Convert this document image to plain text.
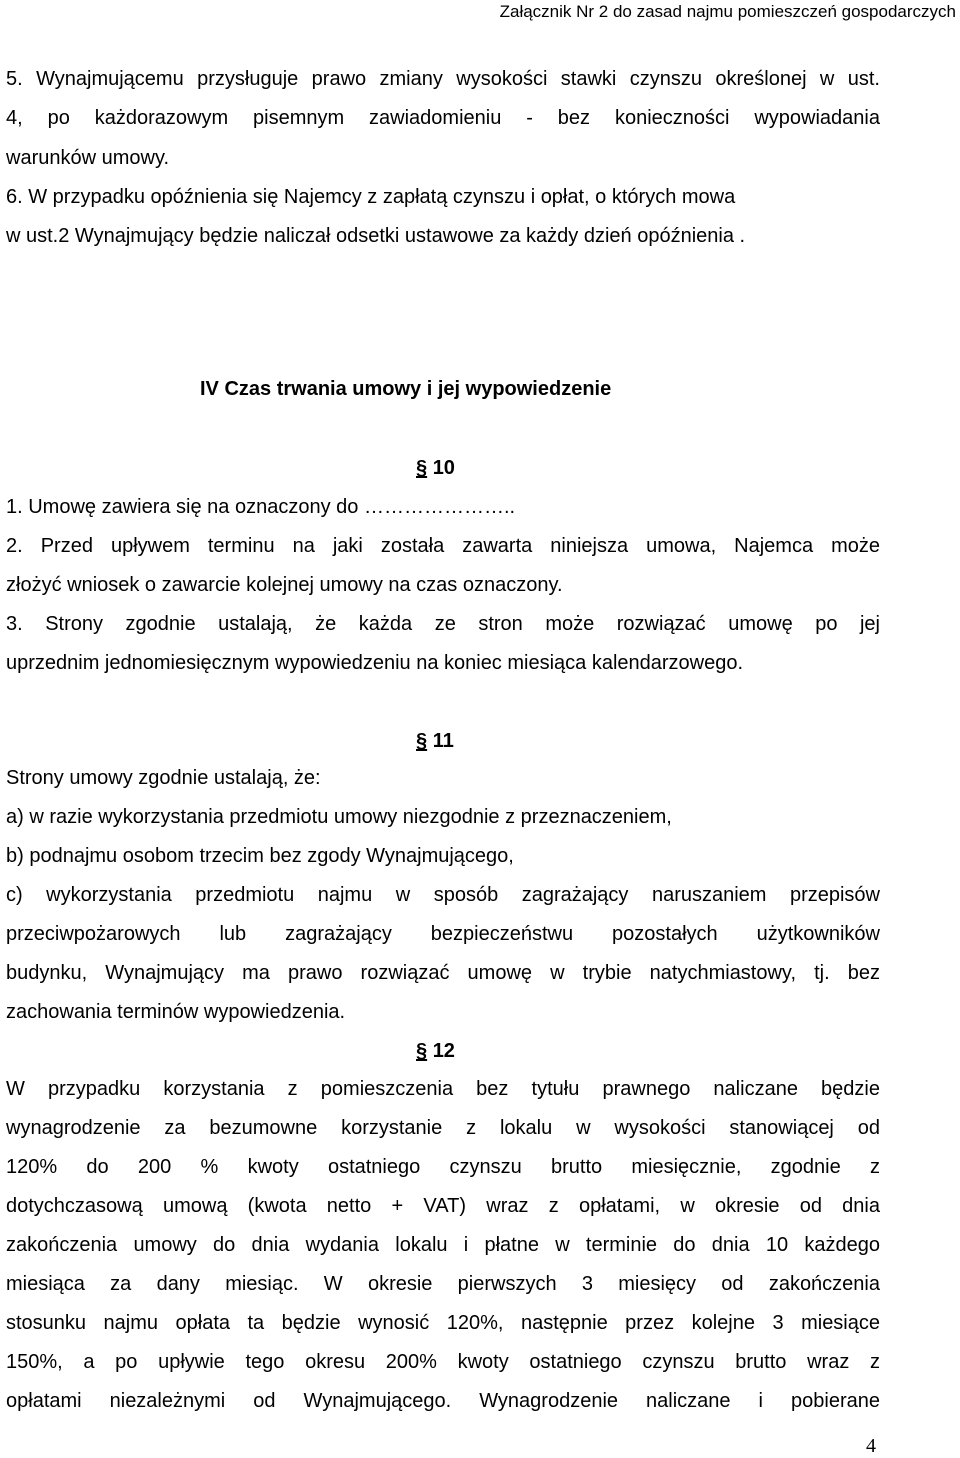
Załącznik Nr 2 do zasad najmu pomieszczeń gospodarczych
5. Wynajmującemu przysługuje prawo zmiany wysokości stawki czynszu określonej w ust.
4, po każdorazowym pisemnym zawiadomieniu - bez konieczności wypowiadania
warunków umowy.
6. W przypadku opóźnienia się Najemcy z zapłatą czynszu i opłat, o których mowa
w ust.2 Wynajmujący będzie naliczał odsetki ustawowe za każdy dzień opóźnienia .
IV Czas trwania umowy i jej wypowiedzenie
§ 10
1. Umowę zawiera się na oznaczony do …………………..
2. Przed upływem terminu na jaki została zawarta niniejsza umowa, Najemca może
złożyć wniosek o zawarcie kolejnej umowy na czas oznaczony.
3. Strony zgodnie ustalają, że każda ze stron może rozwiązać umowę po jej
uprzednim jednomiesięcznym wypowiedzeniu na koniec miesiąca kalendarzowego.
§ 11
Strony umowy zgodnie ustalają, że:
a) w razie wykorzystania przedmiotu umowy niezgodnie z przeznaczeniem,
b) podnajmu osobom trzecim bez zgody Wynajmującego,
c) wykorzystania przedmiotu najmu w sposób zagrażający naruszaniem przepisów
przeciwpożarowych lub zagrażający bezpieczeństwu pozostałych użytkowników
budynku, Wynajmujący ma prawo rozwiązać umowę w trybie natychmiastowy, tj. bez
zachowania terminów wypowiedzenia.
§ 12
W przypadku korzystania z pomieszczenia bez tytułu prawnego naliczane będzie
wynagrodzenie za bezumowne korzystanie z lokalu w wysokości stanowiącej od
120% do 200 % kwoty ostatniego czynszu brutto miesięcznie, zgodnie z
dotychczasową umową (kwota netto + VAT) wraz z opłatami, w okresie od dnia
zakończenia umowy do dnia wydania lokalu i płatne w terminie do dnia 10 każdego
miesiąca za dany miesiąc. W okresie pierwszych 3 miesięcy od zakończenia
stosunku najmu opłata ta będzie wynosić 120%, następnie przez kolejne 3 miesiące
150%, a po upływie tego okresu 200% kwoty ostatniego czynszu brutto wraz z
opłatami niezależnymi od Wynajmującego. Wynagrodzenie naliczane i pobierane
4
